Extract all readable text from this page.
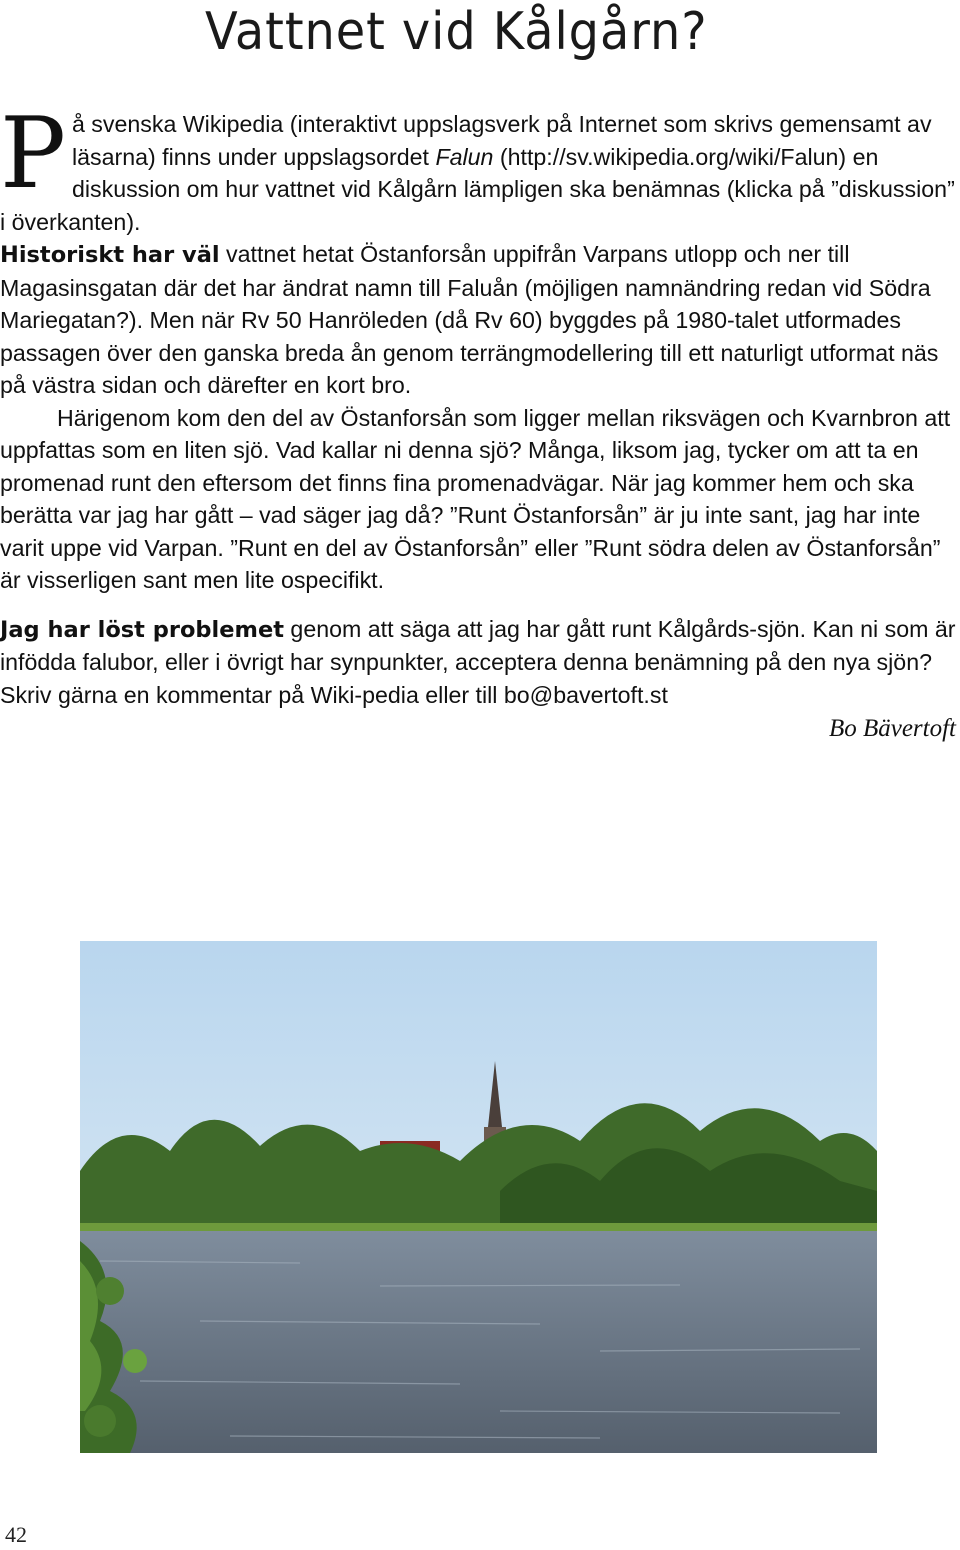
Vattnet vid Kålgårn?

På svenska Wikipedia (interaktivt uppslagsverk på Internet som skrivs gemensamt av läsarna) finns under uppslagsordet Falun (http://sv.wikipedia.org/wiki/Falun) en diskussion om hur vattnet vid Kålgårn lämpligen ska benämnas (klicka på ”diskussion” i överkanten).

Historiskt har väl vattnet hetat Östanforsån uppifrån Varpans utlopp och ner till Magasinsgatan där det har ändrat namn till Faluån (möjligen namnändring redan vid Södra Mariegatan?). Men när Rv 50 Hanröleden (då Rv 60) byggdes på 1980-talet utformades passagen över den ganska breda ån genom terrängmodellering till ett naturligt utformat näs på västra sidan och därefter en kort bro.

Härigenom kom den del av Östanforsån som ligger mellan riksvägen och Kvarnbron att uppfattas som en liten sjö. Vad kallar ni denna sjö? Många, liksom jag, tycker om att ta en promenad runt den eftersom det finns fina promenadvägar. När jag kommer hem och ska berätta var jag har gått – vad säger jag då? ”Runt Östanforsån” är ju inte sant, jag har inte varit uppe vid Varpan. ”Runt en del av Östanforsån” eller ”Runt södra delen av Östanforsån” är visserligen sant men lite ospecifikt.

Jag har löst problemet genom att säga att jag har gått runt Kålgårds-sjön. Kan ni som är infödda falubor, eller i övrigt har synpunkter, acceptera denna benämning på den nya sjön? Skriv gärna en kommentar på Wiki-pedia eller till bo@bavertoft.st

Bo Bävertoft

42
